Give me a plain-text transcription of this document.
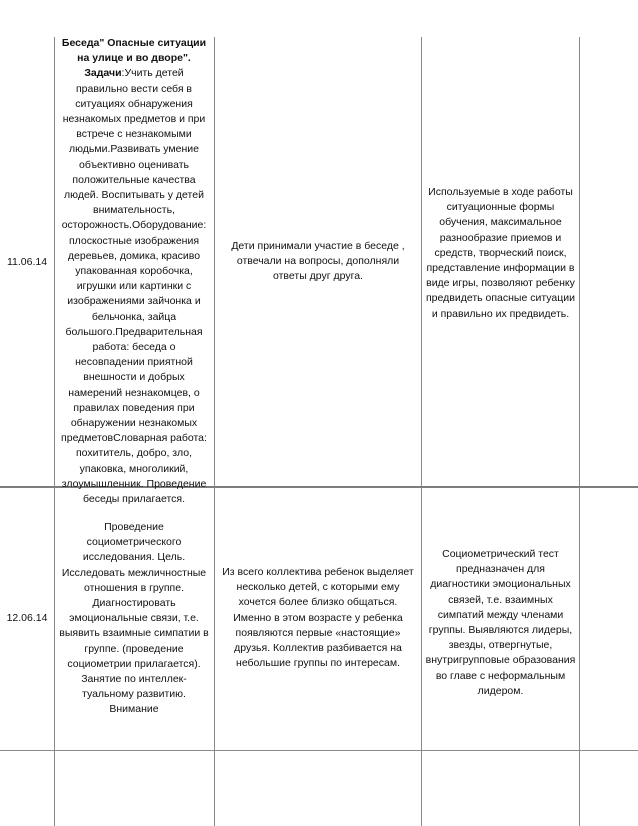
11.06.14
Беседа" Опасные ситуации на улице и во дворе".
Задачи:Учить детей правильно вести себя в ситуациях обнаружения незнакомых предметов и при встрече с незнакомыми людьми.Развивать умение объективно оценивать положительные качества людей. Воспитывать у детей внимательность, осторожность.Оборудование: плоскостные изображения деревьев, домика, красиво упакованная коробочка, игрушки или картинки с изображениями зайчонка и бельчонка, зайца большого.Предварительная работа: беседа о несовпадении приятной внешности и добрых намерений незнакомцев, о правилах поведения при обнаружении незнакомых предметовСловарная работа: похититель, добро, зло, упаковка, многоликий, злоумышленник. Проведение беседы прилагается.
Дети принимали участие в беседе , отвечали на вопросы, дополняли ответы друг друга.
Используемые в ходе работы ситуационные формы обучения, максимальное разнообразие приемов и средств, творческий поиск, представление информации в виде игры, позволяют ребенку предвидеть опасные ситуации и правильно их предвидеть.
12.06.14
Проведение социометрического исследования. Цель. Исследовать межличностные отношения в группе. Диагностировать эмоциональные связи, т.е. выявить взаимные симпатии в группе. (проведение социометрии прилагается). Занятие по интеллек-туальному развитию. Внимание
Из всего коллектива ребенок выделяет несколько детей, с которыми ему хочется более близко общаться. Именно в этом возрасте у ребенка появляются первые «настоящие» друзья. Коллектив разбивается на небольшие группы по интересам.
Социометрический тест предназначен для диагностики эмоциональных связей, т.е. взаимных симпатий между членами группы. Выявляются лидеры, звезды, отвергнутые, внутригрупповые образования во главе с неформальным лидером.
